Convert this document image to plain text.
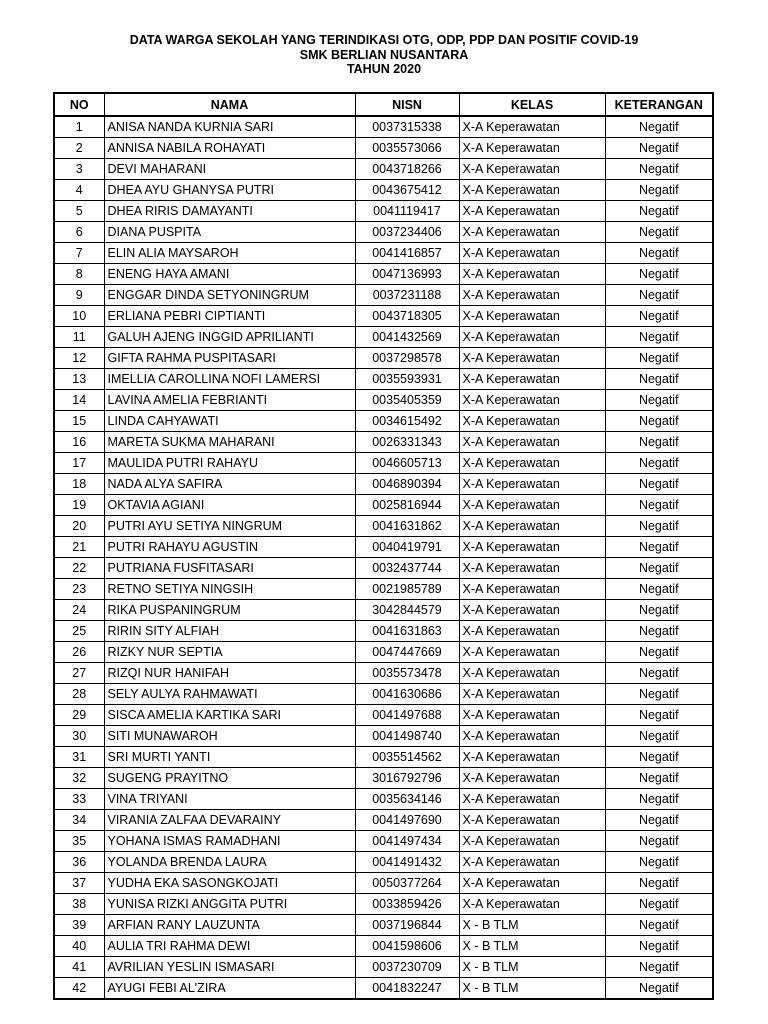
DATA WARGA SEKOLAH YANG TERINDIKASI OTG, ODP, PDP DAN POSITIF COVID-19
SMK BERLIAN NUSANTARA
TAHUN 2020
NO	NAMA	NISN	KELAS	KETERANGAN
1	ANISA NANDA KURNIA SARI	0037315338	X-A Keperawatan	Negatif
2	ANNISA NABILA ROHAYATI	0035573066	X-A Keperawatan	Negatif
3	DEVI MAHARANI	0043718266	X-A Keperawatan	Negatif
4	DHEA AYU GHANYSA PUTRI	0043675412	X-A Keperawatan	Negatif
5	DHEA RIRIS DAMAYANTI	0041119417	X-A Keperawatan	Negatif
6	DIANA PUSPITA	0037234406	X-A Keperawatan	Negatif
7	ELIN ALIA MAYSAROH	0041416857	X-A Keperawatan	Negatif
8	ENENG HAYA AMANI	0047136993	X-A Keperawatan	Negatif
9	ENGGAR DINDA SETYONINGRUM	0037231188	X-A Keperawatan	Negatif
10	ERLIANA PEBRI CIPTIANTI	0043718305	X-A Keperawatan	Negatif
11	GALUH AJENG INGGID APRILIANTI	0041432569	X-A Keperawatan	Negatif
12	GIFTA RAHMA PUSPITASARI	0037298578	X-A Keperawatan	Negatif
13	IMELLIA CAROLLINA NOFI LAMERSI	0035593931	X-A Keperawatan	Negatif
14	LAVINA AMELIA FEBRIANTI	0035405359	X-A Keperawatan	Negatif
15	LINDA CAHYAWATI	0034615492	X-A Keperawatan	Negatif
16	MARETA SUKMA MAHARANI	0026331343	X-A Keperawatan	Negatif
17	MAULIDA PUTRI RAHAYU	0046605713	X-A Keperawatan	Negatif
18	NADA ALYA SAFIRA	0046890394	X-A Keperawatan	Negatif
19	OKTAVIA AGIANI	0025816944	X-A Keperawatan	Negatif
20	PUTRI AYU SETIYA NINGRUM	0041631862	X-A Keperawatan	Negatif
21	PUTRI RAHAYU AGUSTIN	0040419791	X-A Keperawatan	Negatif
22	PUTRIANA FUSFITASARI	0032437744	X-A Keperawatan	Negatif
23	RETNO SETIYA NINGSIH	0021985789	X-A Keperawatan	Negatif
24	RIKA PUSPANINGRUM	3042844579	X-A Keperawatan	Negatif
25	RIRIN SITY ALFIAH	0041631863	X-A Keperawatan	Negatif
26	RIZKY NUR SEPTIA	0047447669	X-A Keperawatan	Negatif
27	RIZQI NUR HANIFAH	0035573478	X-A Keperawatan	Negatif
28	SELY AULYA RAHMAWATI	0041630686	X-A Keperawatan	Negatif
29	SISCA AMELIA KARTIKA SARI	0041497688	X-A Keperawatan	Negatif
30	SITI MUNAWAROH	0041498740	X-A Keperawatan	Negatif
31	SRI MURTI YANTI	0035514562	X-A Keperawatan	Negatif
32	SUGENG PRAYITNO	3016792796	X-A Keperawatan	Negatif
33	VINA TRIYANI	0035634146	X-A Keperawatan	Negatif
34	VIRANIA ZALFAA DEVARAINY	0041497690	X-A Keperawatan	Negatif
35	YOHANA ISMAS RAMADHANI	0041497434	X-A Keperawatan	Negatif
36	YOLANDA BRENDA LAURA	0041491432	X-A Keperawatan	Negatif
37	YUDHA EKA SASONGKOJATI	0050377264	X-A Keperawatan	Negatif
38	YUNISA RIZKI ANGGITA PUTRI	0033859426	X-A Keperawatan	Negatif
39	ARFIAN RANY LAUZUNTA	0037196844	X - B TLM	Negatif
40	AULIA TRI RAHMA DEWI	0041598606	X - B TLM	Negatif
41	AVRILIAN YESLIN ISMASARI	0037230709	X - B TLM	Negatif
42	AYUGI FEBI AL'ZIRA	0041832247	X - B TLM	Negatif
